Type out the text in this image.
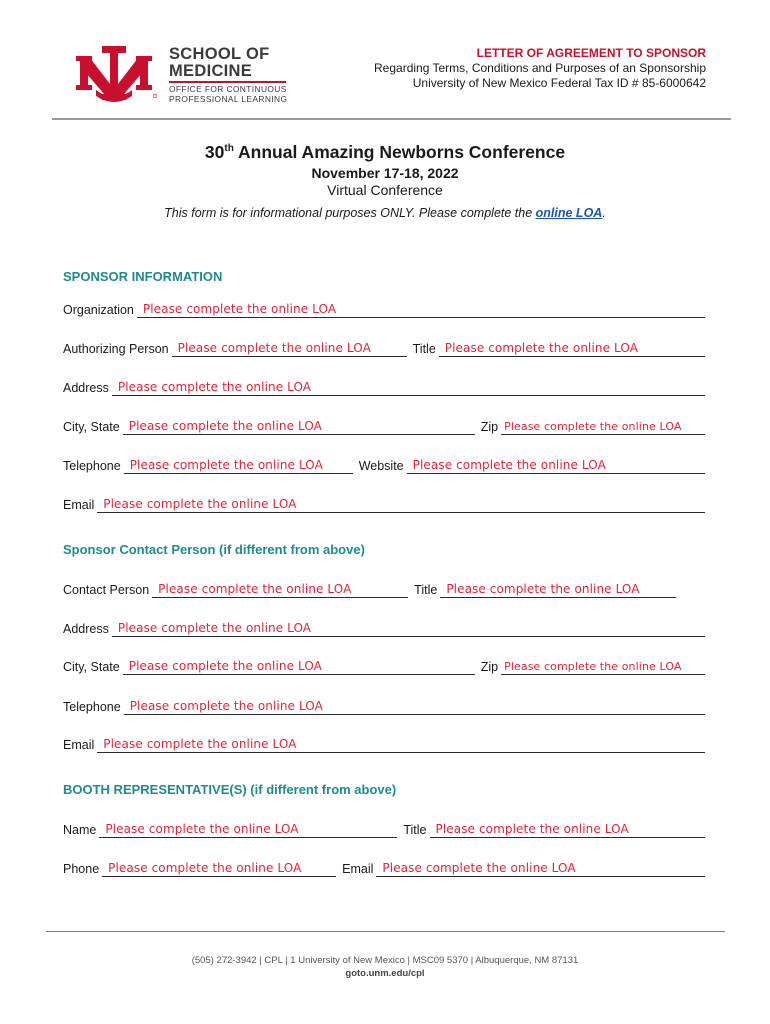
SCHOOL OF
MEDICINE
OFFICE FOR CONTINUOUS
PROFESSIONAL LEARNING
LETTER OF AGREEMENT TO SPONSOR
Regarding Terms, Conditions and Purposes of an Sponsorship
University of New Mexico Federal Tax ID # 85-6000642
30th Annual Amazing Newborns Conference
November 17-18, 2022
Virtual Conference
This form is for informational purposes ONLY. Please complete the online LOA.
SPONSOR INFORMATION
Organization Please complete the online LOA
Authorizing Person Please complete the online LOA	Title Please complete the online LOA
Address Please complete the online LOA
City, State Please complete the online LOA	Zip Please complete the online LOA
Telephone Please complete the online LOA	Website Please complete the online LOA
Email Please complete the online LOA
Sponsor Contact Person (if different from above)
Contact Person Please complete the online LOA	Title Please complete the online LOA
Address Please complete the online LOA
City, State Please complete the online LOA	Zip Please complete the online LOA
Telephone Please complete the online LOA
Email Please complete the online LOA
BOOTH REPRESENTATIVE(S) (if different from above)
Name Please complete the online LOA	Title Please complete the online LOA
Phone Please complete the online LOA	Email Please complete the online LOA
(505) 272-3942 | CPL | 1 University of New Mexico | MSC09 5370 | Albuquerque, NM 87131
goto.unm.edu/cpl
